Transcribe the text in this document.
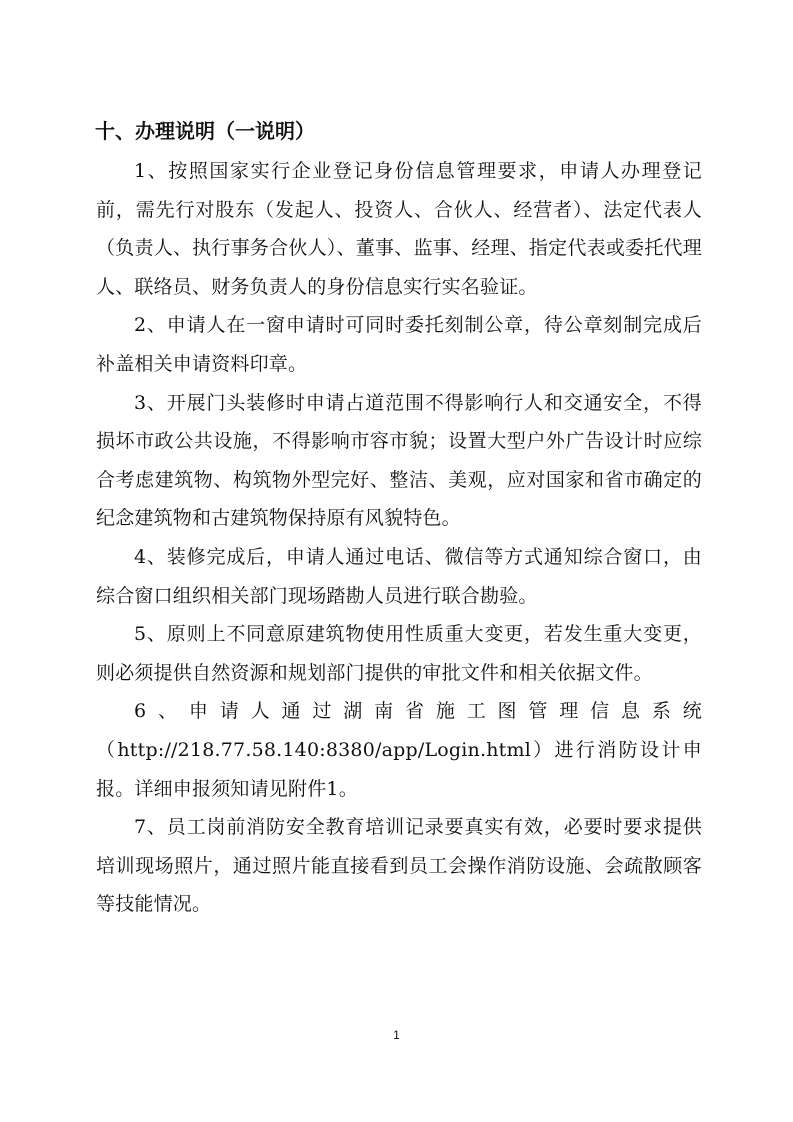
十、办理说明（一说明）

1、按照国家实行企业登记身份信息管理要求，申请人办理登记前，需先行对股东（发起人、投资人、合伙人、经营者）、法定代表人（负责人、执行事务合伙人）、董事、监事、经理、指定代表或委托代理人、联络员、财务负责人的身份信息实行实名验证。

2、申请人在一窗申请时可同时委托刻制公章，待公章刻制完成后补盖相关申请资料印章。

3、开展门头装修时申请占道范围不得影响行人和交通安全，不得损坏市政公共设施，不得影响市容市貌；设置大型户外广告设计时应综合考虑建筑物、构筑物外型完好、整洁、美观，应对国家和省市确定的纪念建筑物和古建筑物保持原有风貌特色。

4、装修完成后，申请人通过电话、微信等方式通知综合窗口，由综合窗口组织相关部门现场踏勘人员进行联合勘验。

5、原则上不同意原建筑物使用性质重大变更，若发生重大变更，则必须提供自然资源和规划部门提供的审批文件和相关依据文件。

6、申请人通过湖南省施工图管理信息系统（http://218.77.58.140:8380/app/Login.html）进行消防设计申报。详细申报须知请见附件1。

7、员工岗前消防安全教育培训记录要真实有效，必要时要求提供培训现场照片，通过照片能直接看到员工会操作消防设施、会疏散顾客等技能情况。

1
